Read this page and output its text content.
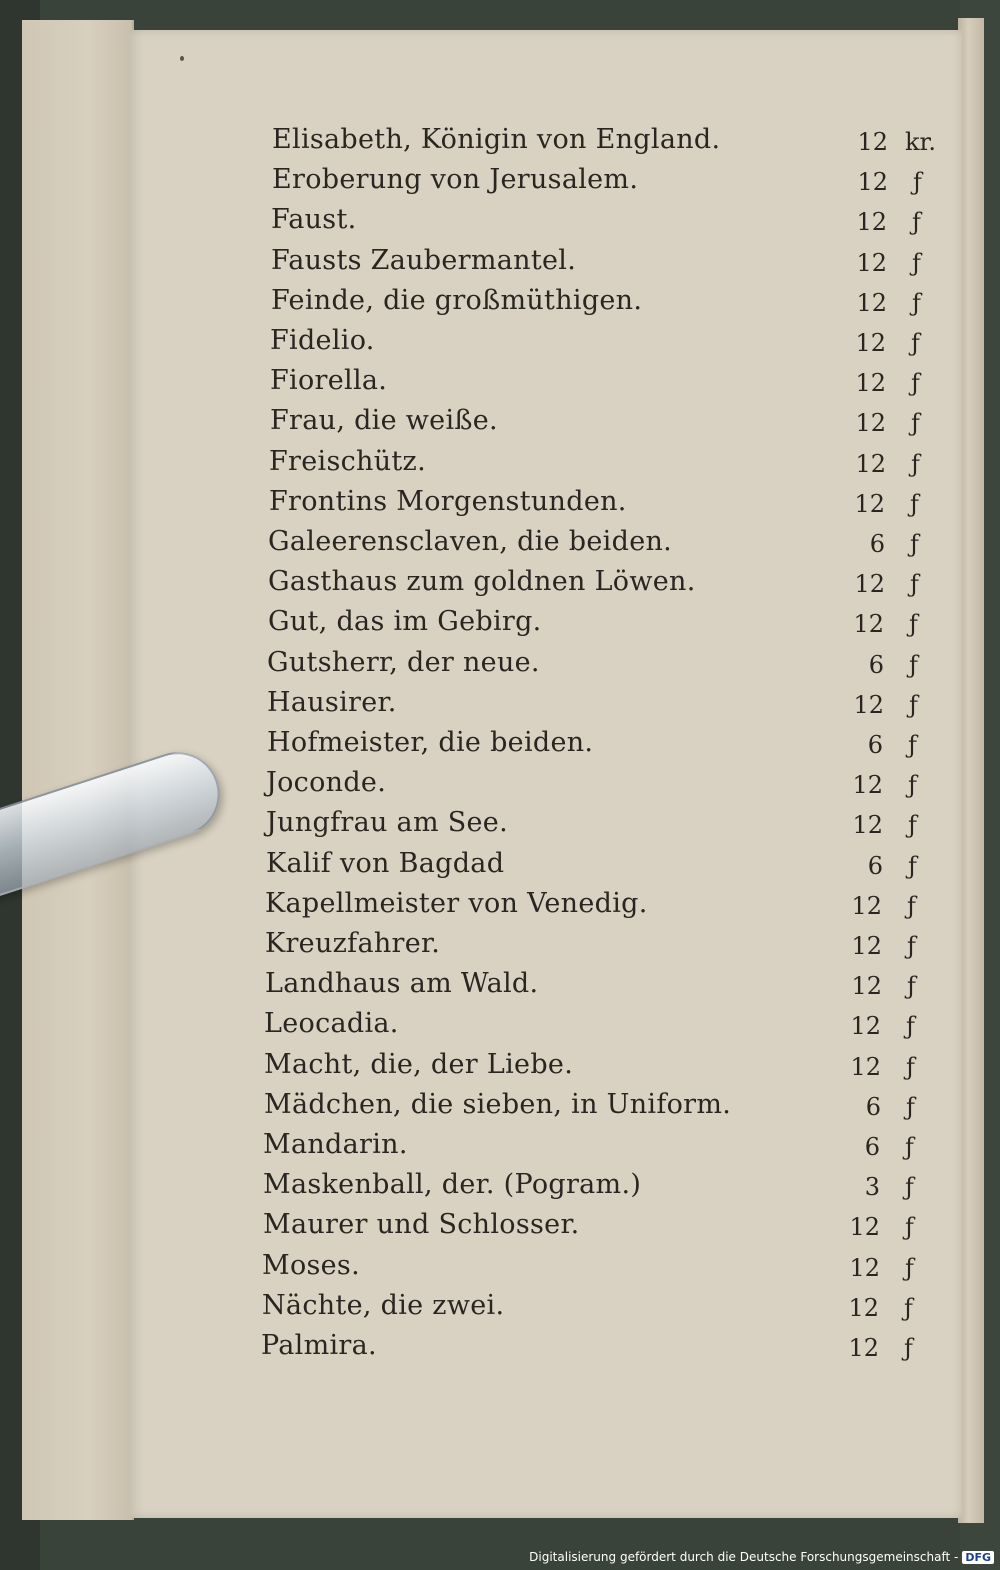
Elisabeth, Königin von England.	12 kr.
Eroberung von Jerusalem.	12 ƒ
Faust.	12 ƒ
Fausts Zaubermantel.	12 ƒ
Feinde, die großmüthigen.	12 ƒ
Fidelio.	12 ƒ
Fiorella.	12 ƒ
Frau, die weiße.	12 ƒ
Freischütz.	12 ƒ
Frontins Morgenstunden.	12 ƒ
Galeerensclaven, die beiden.	6 ƒ
Gasthaus zum goldnen Löwen.	12 ƒ
Gut, das im Gebirg.	12 ƒ
Gutsherr, der neue.	6 ƒ
Hausirer.	12 ƒ
Hofmeister, die beiden.	6 ƒ
Joconde.	12 ƒ
Jungfrau am See.	12 ƒ
Kalif von Bagdad	6 ƒ
Kapellmeister von Venedig.	12 ƒ
Kreuzfahrer.	12 ƒ
Landhaus am Wald.	12 ƒ
Leocadia.	12 ƒ
Macht, die, der Liebe.	12 ƒ
Mädchen, die sieben, in Uniform.	6 ƒ
Mandarin.	6 ƒ
Maskenball, der. (Pogram.)	3 ƒ
Maurer und Schlosser.	12 ƒ
Moses.	12 ƒ
Nächte, die zwei.	12 ƒ
Palmira.	12 ƒ
Digitalisierung gefördert durch die Deutsche Forschungsgemeinschaft - DFG
